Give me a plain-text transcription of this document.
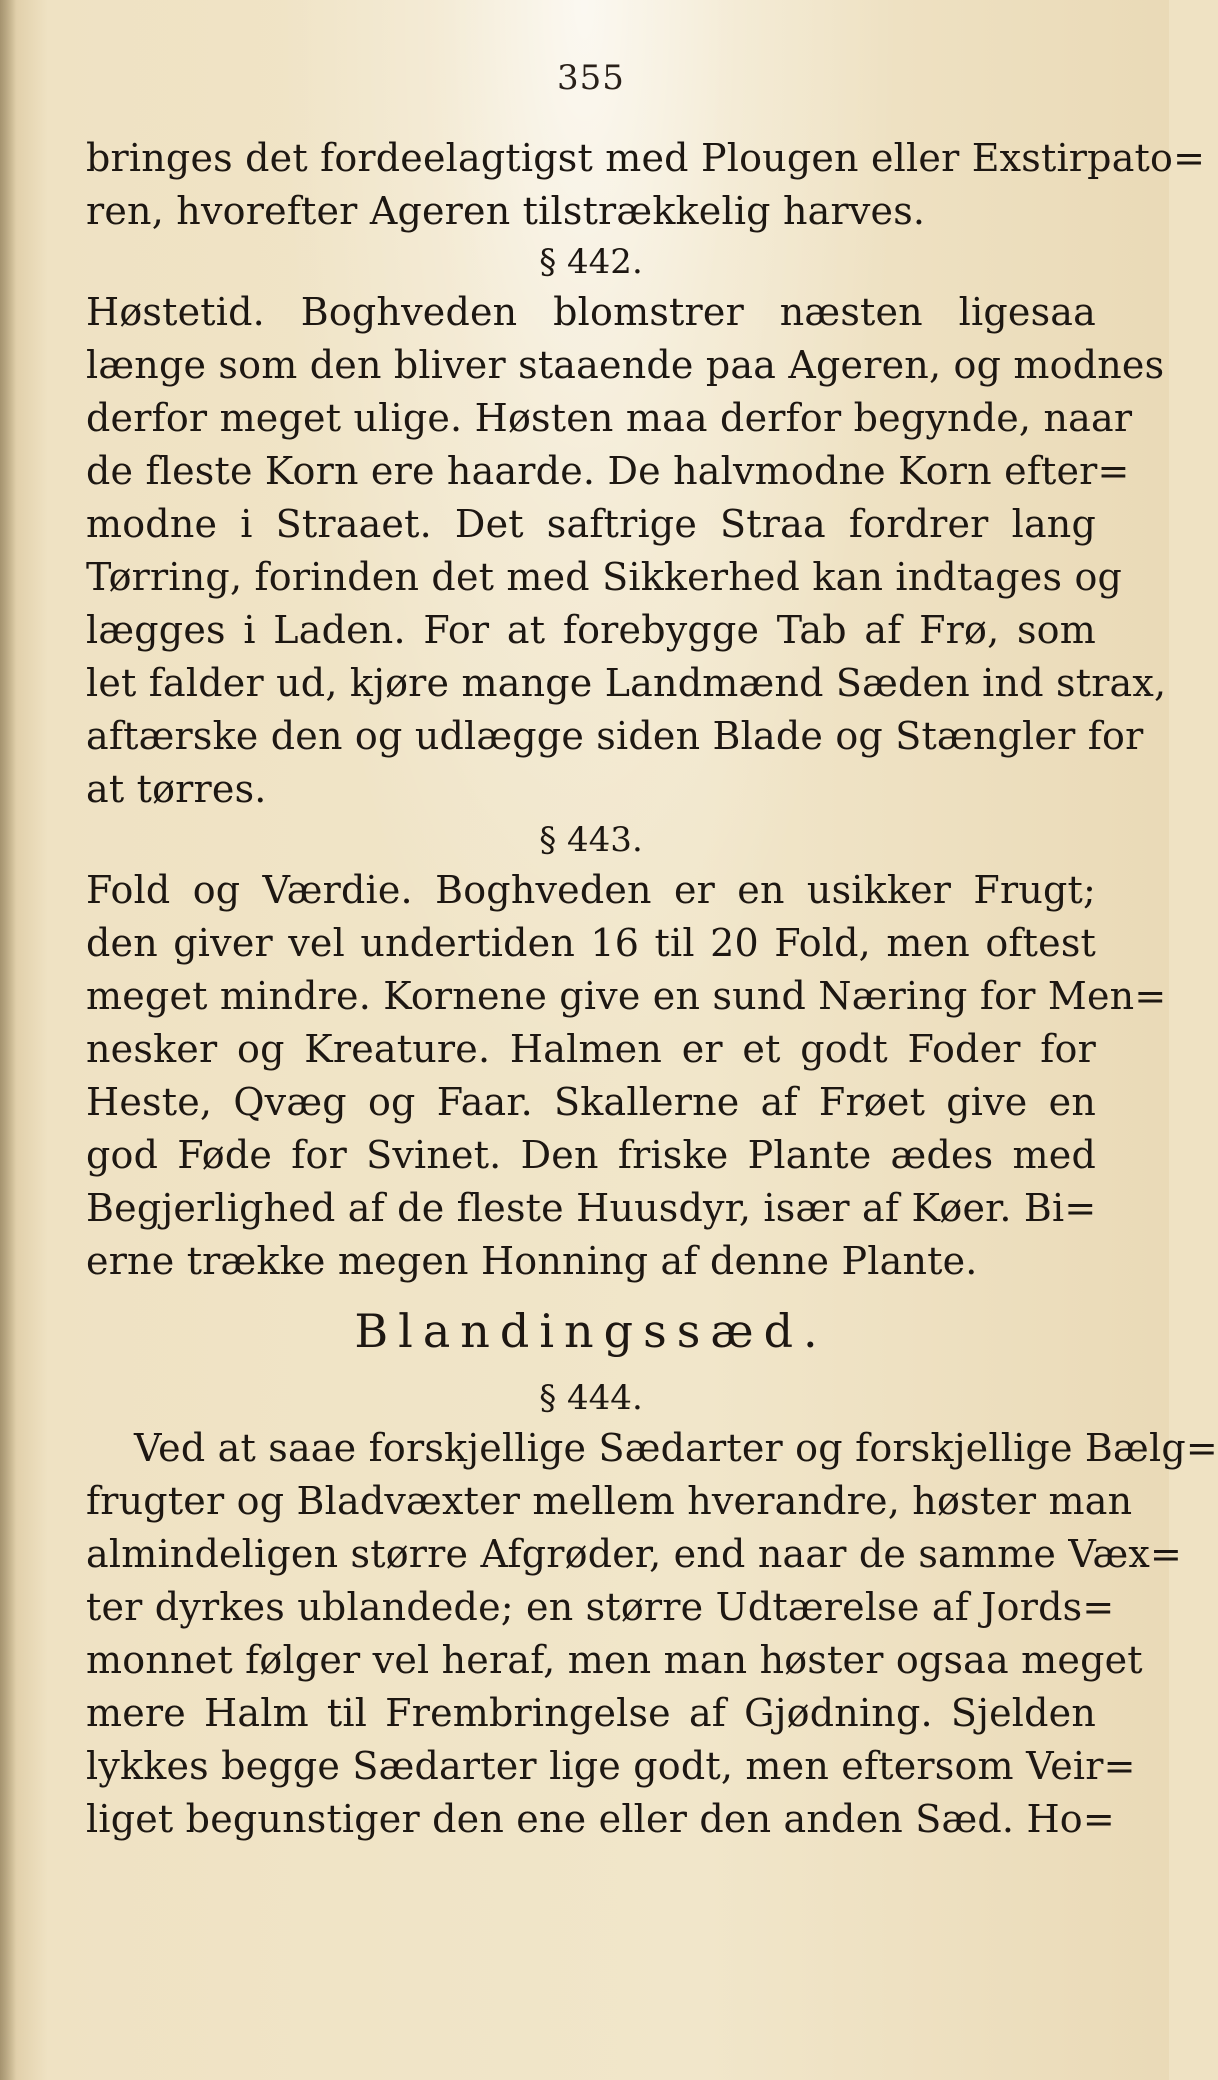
355
bringes det fordeelagtigst med Plougen eller Exstirpato=
ren, hvorefter Ageren tilstrækkelig harves.
§ 442.
Høstetid. Boghveden blomstrer næsten ligesaa
længe som den bliver staaende paa Ageren, og modnes
derfor meget ulige. Høsten maa derfor begynde, naar
de fleste Korn ere haarde. De halvmodne Korn efter=
modne i Straaet. Det saftrige Straa fordrer lang
Tørring, forinden det med Sikkerhed kan indtages og
lægges i Laden. For at forebygge Tab af Frø, som
let falder ud, kjøre mange Landmænd Sæden ind strax,
aftærske den og udlægge siden Blade og Stængler for
at tørres.
§ 443.
Fold og Værdie. Boghveden er en usikker Frugt;
den giver vel undertiden 16 til 20 Fold, men oftest
meget mindre. Kornene give en sund Næring for Men=
nesker og Kreature. Halmen er et godt Foder for
Heste, Qvæg og Faar. Skallerne af Frøet give en
god Føde for Svinet. Den friske Plante ædes med
Begjerlighed af de fleste Huusdyr, især af Køer. Bi=
erne trække megen Honning af denne Plante.
Blandingssæd.
§ 444.
Ved at saae forskjellige Sædarter og forskjellige Bælg=
frugter og Bladvæxter mellem hverandre, høster man
almindeligen større Afgrøder, end naar de samme Væx=
ter dyrkes ublandede; en større Udtærelse af Jords=
monnet følger vel heraf, men man høster ogsaa meget
mere Halm til Frembringelse af Gjødning. Sjelden
lykkes begge Sædarter lige godt, men eftersom Veir=
liget begunstiger den ene eller den anden Sæd. Ho=
